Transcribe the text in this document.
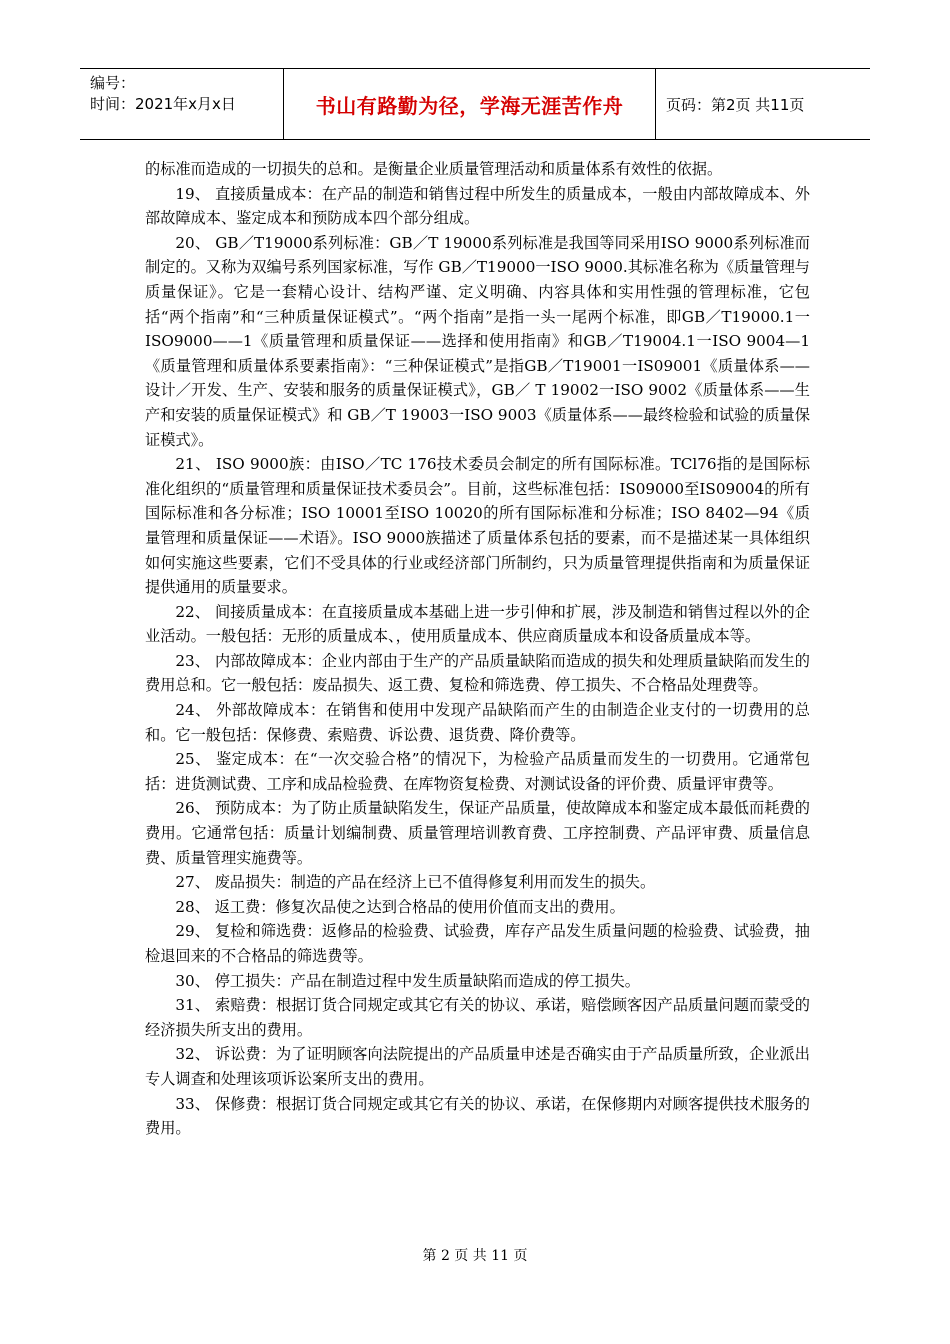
编号：
时间：2021年x月x日	书山有路勤为径，学海无涯苦作舟	页码：第2页 共11页

的标准而造成的一切损失的总和。是衡量企业质量管理活动和质量体系有效性的依据。

19、 直接质量成本：在产品的制造和销售过程中所发生的质量成本，一般由内部故障成本、外部故障成本、鉴定成本和预防成本四个部分组成。

20、 GB／T19000系列标准：GB／T 19000系列标准是我国等同采用ISO 9000系列标准而制定的。又称为双编号系列国家标准，写作 GB／T19000一ISO 9000.其标准名称为《质量管理与质量保证》。它是一套精心设计、结构严谨、定义明确、内容具体和实用性强的管理标准，它包括“两个指南”和“三种质量保证模式”。“两个指南”是指一头一尾两个标准，即GB／T19000.1一ISO9000——1《质量管理和质量保证——选择和使用指南》和GB／T19004.1一ISO 9004—1《质量管理和质量体系要素指南》：“三种保证模式”是指GB／T19001一IS09001《质量体系——设计／开发、生产、安装和服务的质量保证模式》，GB／ T 19002一ISO 9002《质量体系——生产和安装的质量保证模式》和 GB／T 19003一ISO 9003《质量体系——最终检验和试验的质量保证模式》。

21、 ISO 9000族：由ISO／TC 176技术委员会制定的所有国际标准。TCl76指的是国际标准化组织的“质量管理和质量保证技术委员会”。目前，这些标准包括：IS09000至IS09004的所有国际标准和各分标准；ISO 10001至ISO 10020的所有国际标准和分标准；ISO 8402—94《质量管理和质量保证——术语》。ISO 9000族描述了质量体系包括的要素，而不是描述某一具体组织如何实施这些要素，它们不受具体的行业或经济部门所制约，只为质量管理提供指南和为质量保证提供通用的质量要求。

22、 间接质量成本：在直接质量成本基础上进一步引伸和扩展，涉及制造和销售过程以外的企业活动。一般包括：无形的质量成本、，使用质量成本、供应商质量成本和设备质量成本等。

23、 内部故障成本：企业内部由于生产的产品质量缺陷而造成的损失和处理质量缺陷而发生的费用总和。它一般包括：废品损失、返工费、复检和筛选费、停工损失、不合格品处理费等。

24、 外部故障成本：在销售和使用中发现产品缺陷而产生的由制造企业支付的一切费用的总和。它一般包括：保修费、索赔费、诉讼费、退货费、降价费等。

25、 鉴定成本：在“一次交验合格”的情况下，为检验产品质量而发生的一切费用。它通常包括：进货测试费、工序和成品检验费、在库物资复检费、对测试设备的评价费、质量评审费等。

26、 预防成本：为了防止质量缺陷发生，保证产品质量，使故障成本和鉴定成本最低而耗费的费用。它通常包括：质量计划编制费、质量管理培训教育费、工序控制费、产品评审费、质量信息费、质量管理实施费等。

27、 废品损失：制造的产品在经济上已不值得修复利用而发生的损失。

28、 返工费：修复次品使之达到合格品的使用价值而支出的费用。

29、 复检和筛选费：返修品的检验费、试验费，库存产品发生质量问题的检验费、试验费，抽检退回来的不合格品的筛选费等。

30、 停工损失：产品在制造过程中发生质量缺陷而造成的停工损失。

31、 索赔费：根据订货合同规定或其它有关的协议、承诺，赔偿顾客因产品质量问题而蒙受的经济损失所支出的费用。

32、 诉讼费：为了证明顾客向法院提出的产品质量申述是否确实由于产品质量所致，企业派出专人调查和处理该项诉讼案所支出的费用。

33、 保修费：根据订货合同规定或其它有关的协议、承诺，在保修期内对顾客提供技术服务的费用。

第 2 页 共 11 页
